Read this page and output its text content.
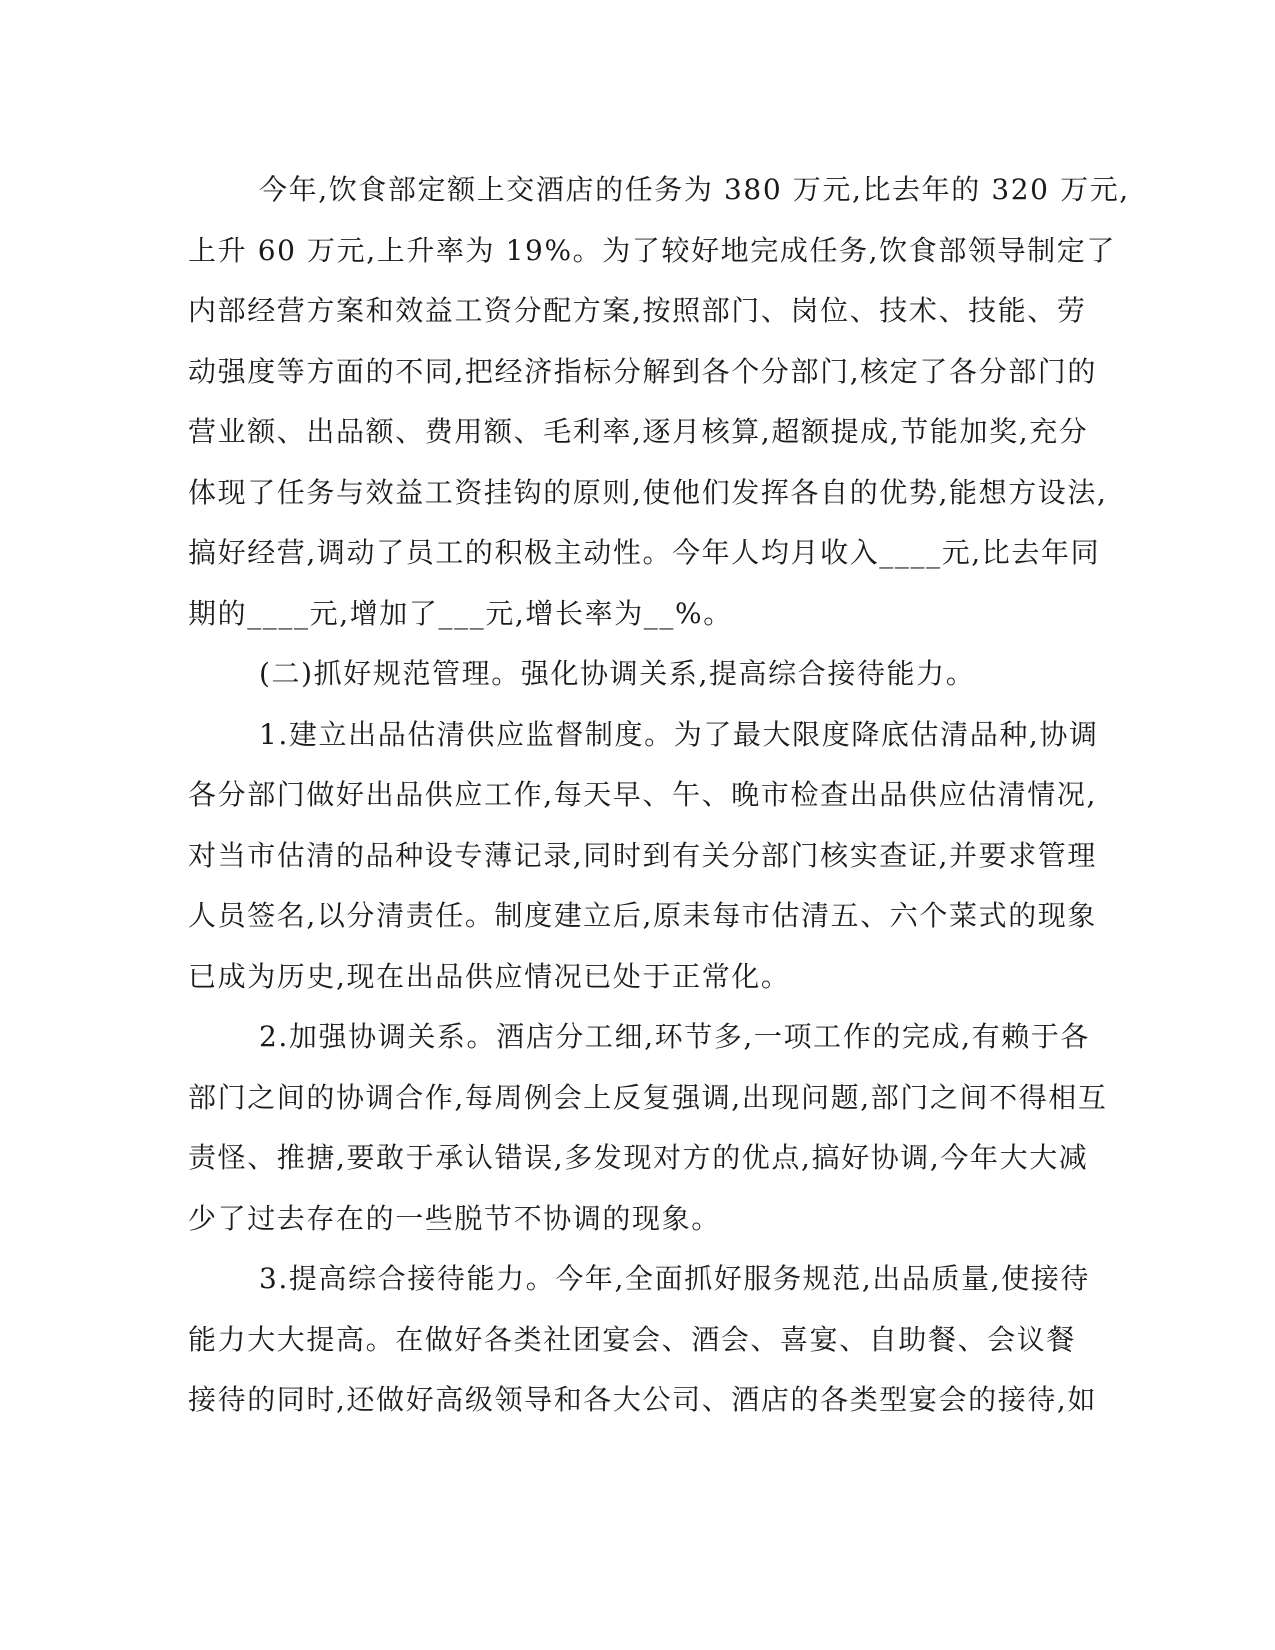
今年,饮食部定额上交酒店的任务为 380 万元,比去年的 320 万元,
上升 60 万元,上升率为 19%。为了较好地完成任务,饮食部领导制定了
内部经营方案和效益工资分配方案,按照部门、岗位、技术、技能、劳
动强度等方面的不同,把经济指标分解到各个分部门,核定了各分部门的
营业额、出品额、费用额、毛利率,逐月核算,超额提成,节能加奖,充分
体现了任务与效益工资挂钩的原则,使他们发挥各自的优势,能想方设法,
搞好经营,调动了员工的积极主动性。今年人均月收入____元,比去年同
期的____元,增加了___元,增长率为__%。
(二)抓好规范管理。强化协调关系,提高综合接待能力。
1.建立出品估清供应监督制度。为了最大限度降底估清品种,协调
各分部门做好出品供应工作,每天早、午、晚市检查出品供应估清情况,
对当市估清的品种设专薄记录,同时到有关分部门核实查证,并要求管理
人员签名,以分清责任。制度建立后,原耒每市估清五、六个菜式的现象
已成为历史,现在出品供应情况已处于正常化。
2.加强协调关系。酒店分工细,环节多,一项工作的完成,有赖于各
部门之间的协调合作,每周例会上反复强调,出现问题,部门之间不得相互
责怪、推搪,要敢于承认错误,多发现对方的优点,搞好协调,今年大大减
少了过去存在的一些脱节不协调的现象。
3.提高综合接待能力。今年,全面抓好服务规范,出品质量,使接待
能力大大提高。在做好各类社团宴会、酒会、喜宴、自助餐、会议餐
接待的同时,还做好高级领导和各大公司、酒店的各类型宴会的接待,如
